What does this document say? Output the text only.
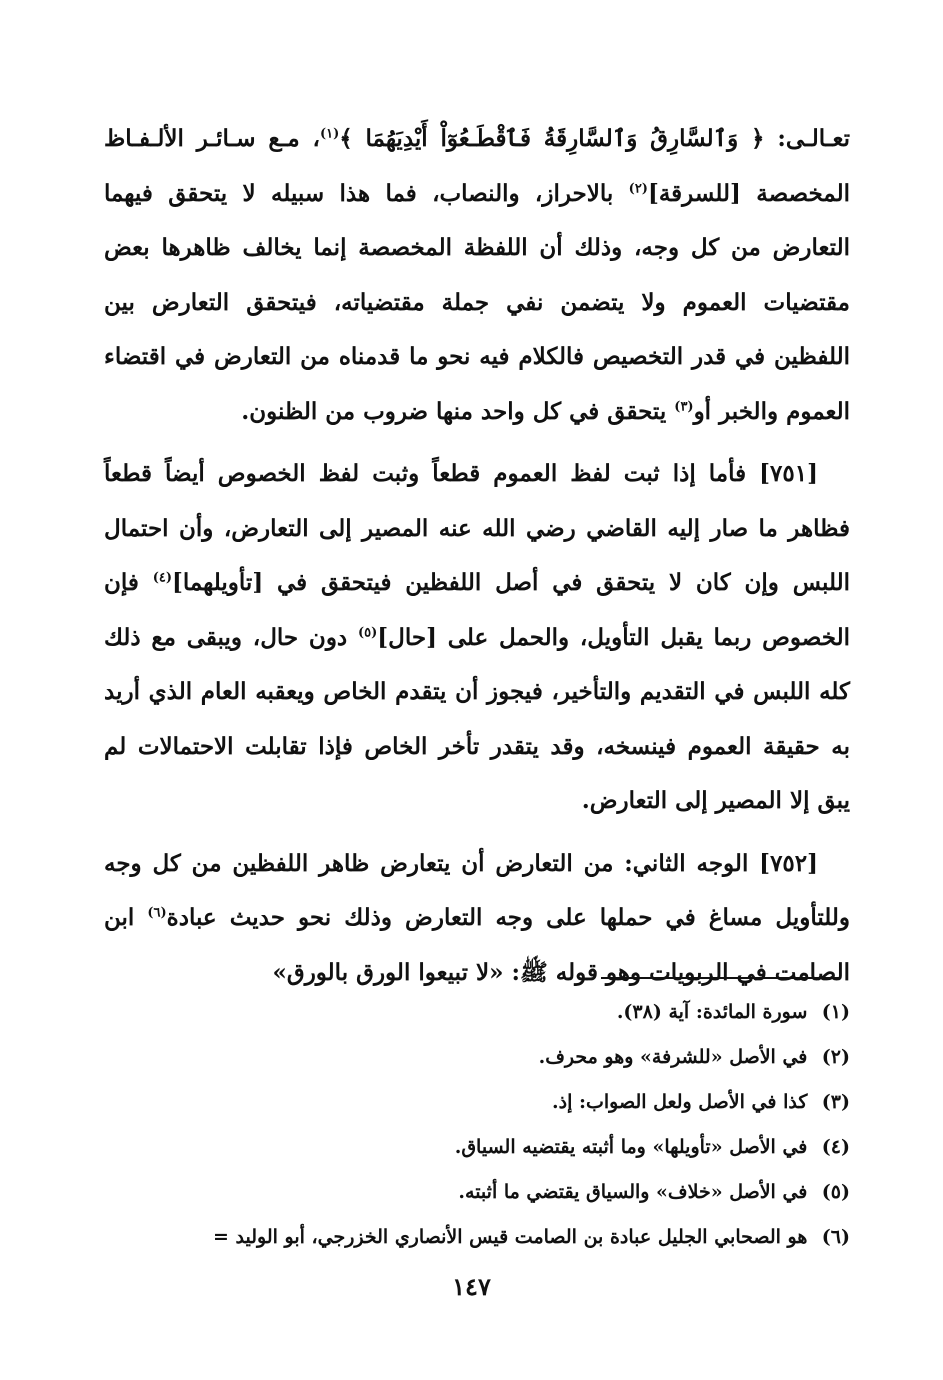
تعـالـى: ﴿ وَٱلسَّارِقُ وَٱلسَّارِقَةُ فَٱقْطَـعُوٓاْ أَيْدِيَهُمَا ﴾$^{(١)}$، مـع سـائـر الألـفـاظ المخصصة [للسرقة]$^{(٢)}$ بالاحراز، والنصاب، فما هذا سبيله لا يتحقق فيهما التعارض من كل وجه، وذلك أن اللفظة المخصصة إنما يخالف ظاهرها بعض مقتضيات العموم ولا يتضمن نفي جملة مقتضياته، فيتحقق التعارض بين اللفظين في قدر التخصيص فالكلام فيه نحو ما قدمناه من التعارض في اقتضاء العموم والخبر أو$^{(٣)}$ يتحقق في كل واحد منها ضروب من الظنون.

[٧٥١] فأما إذا ثبت لفظ العموم قطعاً وثبت لفظ الخصوص أيضاً قطعاً فظاهر ما صار إليه القاضي رضي الله عنه المصير إلى التعارض، وأن احتمال اللبس وإن كان لا يتحقق في أصل اللفظين فيتحقق في [تأويلهما]$^{(٤)}$ فإن الخصوص ربما يقبل التأويل، والحمل على [حال]$^{(٥)}$ دون حال، ويبقى مع ذلك كله اللبس في التقديم والتأخير، فيجوز أن يتقدم الخاص ويعقبه العام الذي أريد به حقيقة العموم فينسخه، وقد يتقدر تأخر الخاص فإذا تقابلت الاحتمالات لم يبق إلا المصير إلى التعارض.

[٧٥٢] الوجه الثاني: من التعارض أن يتعارض ظاهر اللفظين من كل وجه وللتأويل مساغ في حملها على وجه التعارض وذلك نحو حديث عبادة$^{(٦)}$ ابن الصامت في الربويات وهو قوله ﷺ: «لا تبيعوا الورق بالورق»

(١) سورة المائدة: آية (٣٨).

(٢) في الأصل «للشرفة» وهو محرف.

(٣) كذا في الأصل ولعل الصواب: إذ.

(٤) في الأصل «تأويلها» وما أثبته يقتضيه السياق.

(٥) في الأصل «خلاف» والسياق يقتضي ما أثبته.

(٦) هو الصحابي الجليل عبادة بن الصامت قيس الأنصاري الخزرجي، أبو الوليد =

١٤٧
